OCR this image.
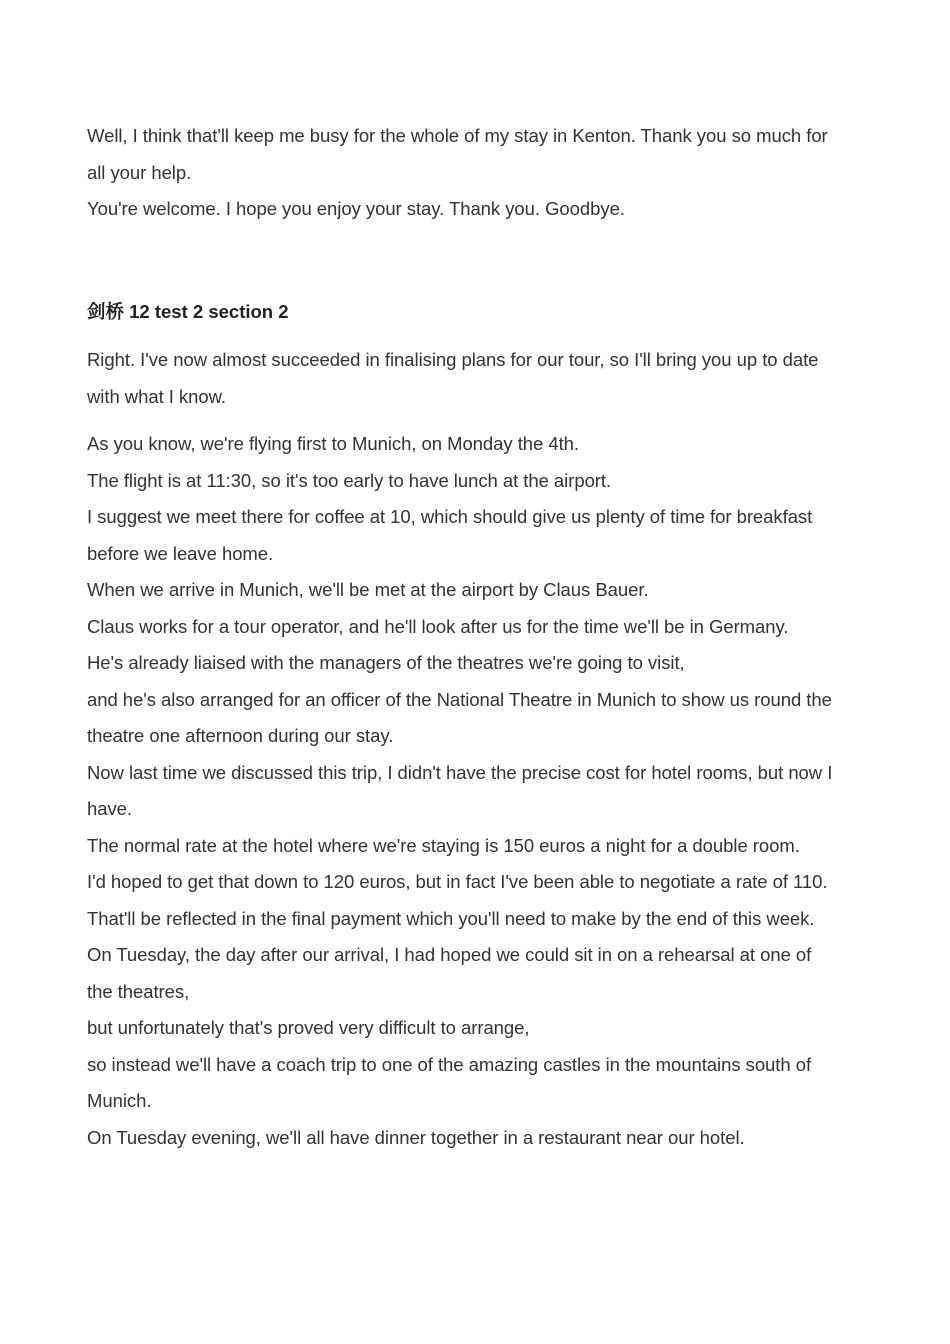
Well, I think that'll keep me busy for the whole of my stay in Kenton. Thank you so much for

all your help.

You're welcome. I hope you enjoy your stay. Thank you. Goodbye.

剑桥 12 test 2 section 2

Right. I've now almost succeeded in finalising plans for our tour, so I'll bring you up to date

with what I know.

As you know, we're flying first to Munich, on Monday the 4th.

The flight is at 11:30, so it's too early to have lunch at the airport.

I suggest we meet there for coffee at 10, which should give us plenty of time for breakfast

before we leave home.

When we arrive in Munich, we'll be met at the airport by Claus Bauer.

Claus works for a tour operator, and he'll look after us for the time we'll be in Germany.

He's already liaised with the managers of the theatres we're going to visit,

and he's also arranged for an officer of the National Theatre in Munich to show us round the

theatre one afternoon during our stay.

Now last time we discussed this trip, I didn't have the precise cost for hotel rooms, but now I

have.

The normal rate at the hotel where we're staying is 150 euros a night for a double room.

I'd hoped to get that down to 120 euros, but in fact I've been able to negotiate a rate of 110.

That'll be reflected in the final payment which you'll need to make by the end of this week.

On Tuesday, the day after our arrival, I had hoped we could sit in on a rehearsal at one of

the theatres,

but unfortunately that's proved very difficult to arrange,

so instead we'll have a coach trip to one of the amazing castles in the mountains south of

Munich.

On Tuesday evening, we'll all have dinner together in a restaurant near our hotel.
